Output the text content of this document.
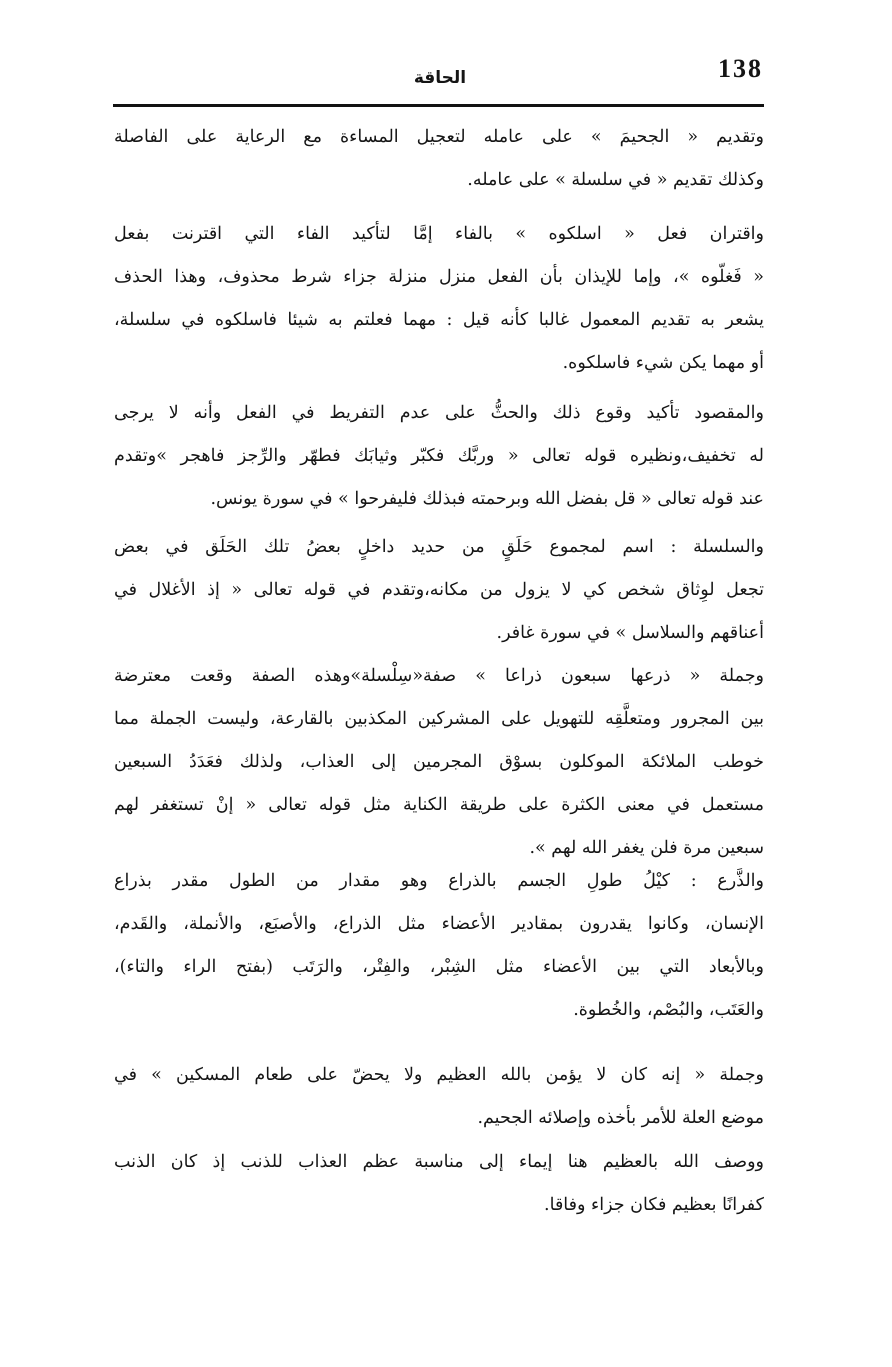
138
الحاقة
وتقديم « الجحيمَ » على عامله لتعجيل المساءة مع الرعاية على الفاصلة
وكذلك تقديم « في سلسلة » على عامله.
واقتران فعل « اسلكوه » بالفاء إمَّا لتأكيد الفاء التي اقترنت بفعل
« فَغلّوه »، وإما للإيذان بأن الفعل منزل منزلة جزاء شرط محذوف، وهذا الحذف
يشعر به تقديم المعمول غالبا كأنه قيل : مهما فعلتم به شيئا فاسلكوه في سلسلة،
أو مهما يكن شيء فاسلكوه.
والمقصود تأكيد وقوع ذلك والحثُّ على عدم التفريط في الفعل وأنه لا يرجى
له تخفيف،ونظيره قوله تعالى « وربَّك فكبّر وثيابَك فطهّر والرِّجز فاهجر »وتقدم
عند قوله تعالى « قل بفضل الله وبرحمته فبذلك فليفرحوا » في سورة يونس.
والسلسلة : اسم لمجموع حَلَقٍ من حديد داخلٍ بعضُ تلك الحَلَق في بعض
تجعل لوِثاق شخص كي لا يزول من مكانه،وتقدم في قوله تعالى « إذ الأغلال في
أعناقهم والسلاسل » في سورة غافر.
وجملة « ذرعها سبعون ذراعا » صفة«سِلْسلة»وهذه الصفة وقعت معترضة
بين المجرور ومتعلَّقِه للتهويل على المشركين المكذبين بالقارعة، وليست الجملة مما
خوطب الملائكة الموكلون بسوْق المجرمين إلى العذاب، ولذلك فعَدَدُ السبعين
مستعمل في معنى الكثرة على طريقة الكناية مثل قوله تعالى « إنْ تستغفر لهم
سبعين مرة فلن يغفر الله لهم ».
والذَّرع : كيْلُ طولِ الجسم بالذراع وهو مقدار من الطول مقدر بذراع
الإنسان، وكانوا يقدرون بمقادير الأعضاء مثل الذراع، والأصبَع، والأنملة، والقَدم،
وبالأبعاد التي بين الأعضاء مثل الشِبْر، والفِتْر، والرَتَب (بفتح الراء والتاء)،
والعَتَب، والبُصْم، والخُطوة.
وجملة « إنه كان لا يؤمن بالله العظيم ولا يحضّ على طعام المسكين » في
موضع العلة للأمر بأخذه وإصلائه الجحيم.
ووصف الله بالعظيم هنا إيماء إلى مناسبة عظم العذاب للذنب إذ كان الذنب
كفرانًا بعظيم فكان جزاء وفاقا.
